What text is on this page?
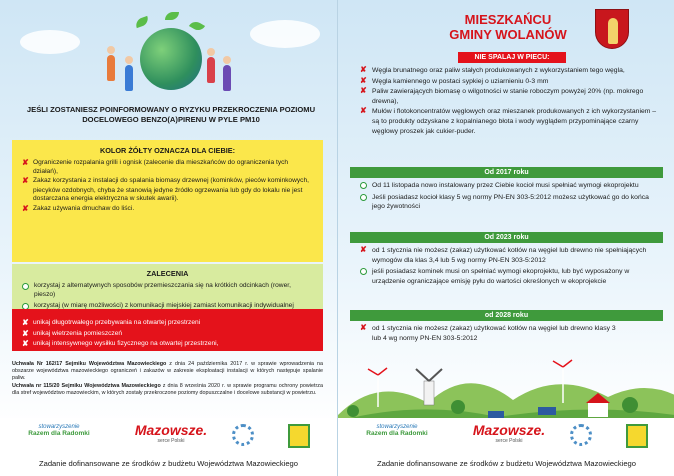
JEŚLI ZOSTANIESZ POINFORMOWANY O RYZYKU PRZEKROCZENIA POZIOMU DOCELOWEGO BENZO(A)PIRENU W PYLE PM10
KOLOR ŻÓŁTY OZNACZA DLA CIEBIE:
✘ Ograniczenie rozpalania grilli i ognisk (zalecenie dla mieszkańców do ograniczenia tych działań),
✘ Zakaz korzystania z instalacji do spalania biomasy drzewnej (kominków, pieców kominkowych,
piecyków ozdobnych, chyba że stanowią jedyne źródło ogrzewania lub gdy do lokalu nie jest dostarczana energia elektryczna w skutek awarii).
✘ Zakaz używania dmuchaw do liści.
ZALECENIA
korzystaj z alternatywnych sposobów przemieszczania się na krótkich odcinkach (rower, pieszo)
korzystaj (w miarę możliwości) z komunikacji miejskiej zamiast komunikacji indywidualnej
✘ unikaj długotrwałego przebywania na otwartej przestrzeni
✘ unikaj wietrzenia pomieszczeń
✘ unikaj intensywnego wysiłku fizycznego na otwartej przestrzeni,

Uchwała Nr 162/17 Sejmiku Województwa Mazowieckiego z dnia 24 października 2017 r. w sprawie wprowadzenia na obszarze województwa mazowieckiego ograniczeń i zakazów w zakresie eksploatacji instalacji w których następuje spalanie paliw.

Uchwała nr 115/20 Sejmiku Województwa Mazowieckiego z dnia 8 września 2020 r. w sprawie programu ochrony powietrza dla stref województwo mazowieckim, w których zostały przekroczone poziomy dopuszczalne i docelowe substancji w powietrzu.

stowarzyszenie
Razem dla Radomki	Mazowsze.
serce Polski
Zadanie dofinansowane ze środków z budżetu Województwa Mazowieckiego
MIESZKAŃCU
GMINY WOLANÓW
NIE SPALAJ W PIECU:
✘ Węgla brunatnego oraz paliw stałych produkowanych z wykorzystaniem tego węgla,
✘ Węgla kamiennego w postaci sypkiej o uziarnieniu 0-3 mm
✘ Paliw zawierających biomasę o wilgotności w stanie roboczym powyżej 20% (np. mokrego drewna),
✘ Mułów i flotokoncentratów węglowych oraz mieszanek produkowanych z ich wykorzystaniem – są to produkty odzyskane z kopalnianego błota i wody wyglądem przypominające czarny węglowy proszek jak cukier-puder.
Od 2017 roku
Od 11 listopada nowo instalowany przez Ciebie kocioł musi spełniać wymogi ekoprojektu
Jeśli posiadasz kocioł klasy 5 wg normy PN-EN 303-5:2012 możesz użytkować go do końca jego żywotności
Od 2023 roku
✘ od 1 stycznia nie możesz (zakaz) użytkować kotłów na węgiel lub drewno nie spełniających wymogów dla klas 3,4 lub 5 wg normy PN-EN 303-5:2012
jeśli posiadasz kominek musi on spełniać wymogi ekoprojektu, lub być wyposażony w urządzenie ograniczające emisję pyłu do wartości określonych w ekoprojekcie
od 2028 roku
✘ od 1 stycznia nie możesz (zakaz) użytkować kotłów na węgiel lub drewno klasy 3 lub 4 wg normy PN-EN 303-5:2012
stowarzyszenie
Razem dla Radomki	Mazowsze.
serce Polski
Zadanie dofinansowane ze środków z budżetu Województwa Mazowieckiego
